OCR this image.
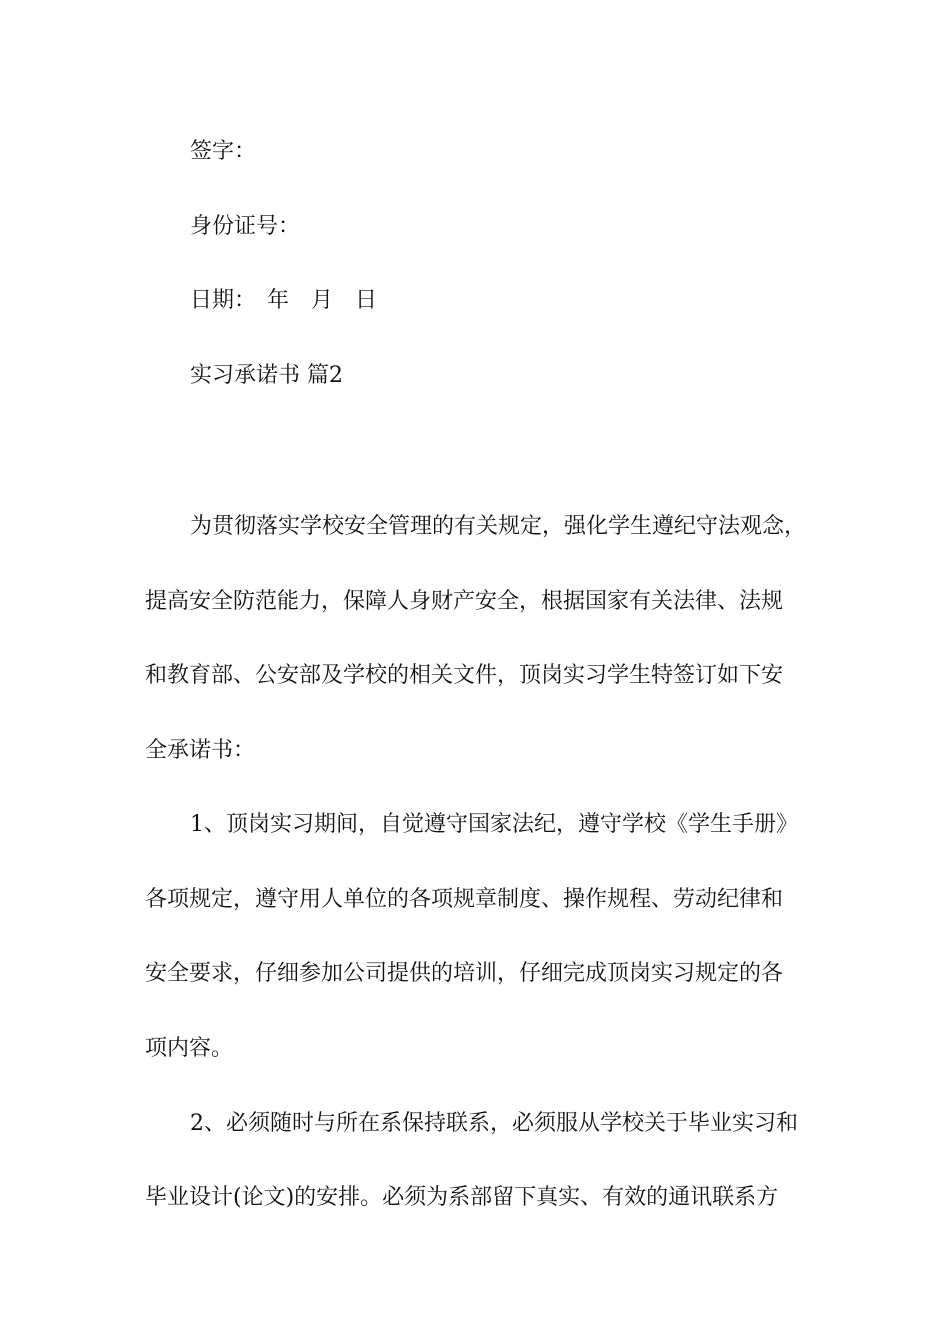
签字：
身份证号：
日期：　年　月　日
实习承诺书 篇2
为贯彻落实学校安全管理的有关规定，强化学生遵纪守法观念，
提高安全防范能力，保障人身财产安全，根据国家有关法律、法规
和教育部、公安部及学校的相关文件，顶岗实习学生特签订如下安
全承诺书：
1、顶岗实习期间，自觉遵守国家法纪，遵守学校《学生手册》
各项规定，遵守用人单位的各项规章制度、操作规程、劳动纪律和
安全要求，仔细参加公司提供的培训，仔细完成顶岗实习规定的各
项内容。
2、必须随时与所在系保持联系，必须服从学校关于毕业实习和
毕业设计(论文)的安排。必须为系部留下真实、有效的通讯联系方
